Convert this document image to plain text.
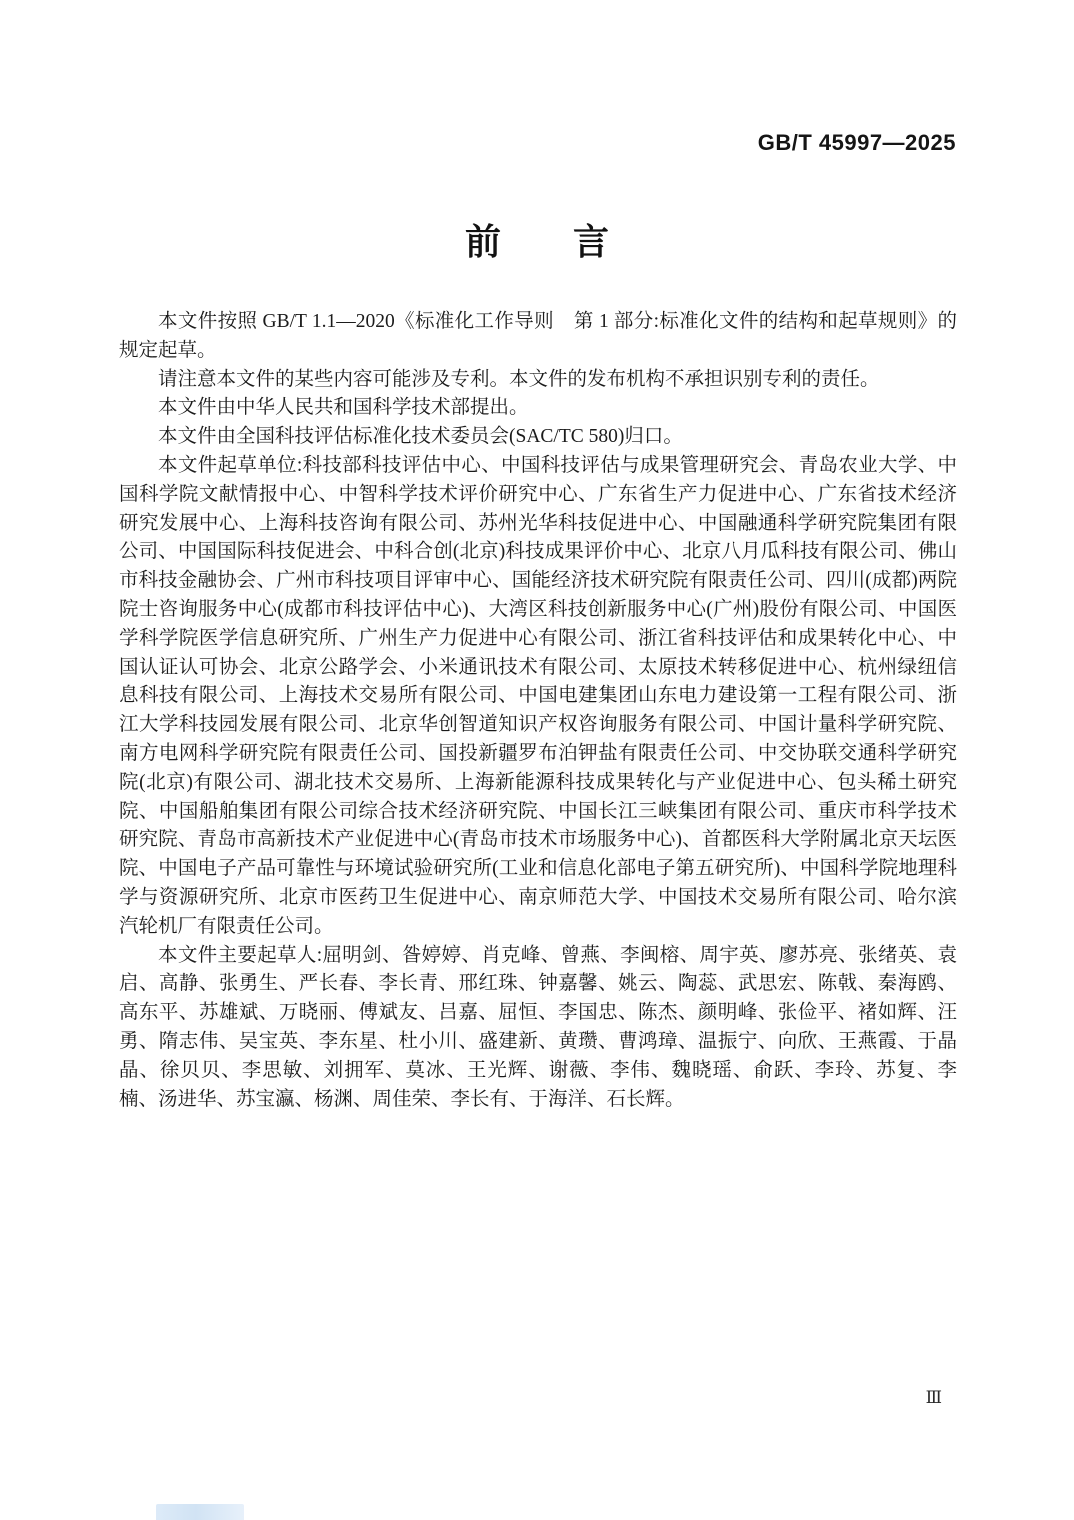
GB/T 45997—2025
前　　言

本文件按照 GB/T 1.1—2020《标准化工作导则　第 1 部分:标准化文件的结构和起草规则》的规定起草。

请注意本文件的某些内容可能涉及专利。本文件的发布机构不承担识别专利的责任。

本文件由中华人民共和国科学技术部提出。

本文件由全国科技评估标准化技术委员会(SAC/TC 580)归口。

本文件起草单位:科技部科技评估中心、中国科技评估与成果管理研究会、青岛农业大学、中国科学院文献情报中心、中智科学技术评价研究中心、广东省生产力促进中心、广东省技术经济研究发展中心、上海科技咨询有限公司、苏州光华科技促进中心、中国融通科学研究院集团有限公司、中国国际科技促进会、中科合创(北京)科技成果评价中心、北京八月瓜科技有限公司、佛山市科技金融协会、广州市科技项目评审中心、国能经济技术研究院有限责任公司、四川(成都)两院院士咨询服务中心(成都市科技评估中心)、大湾区科技创新服务中心(广州)股份有限公司、中国医学科学院医学信息研究所、广州生产力促进中心有限公司、浙江省科技评估和成果转化中心、中国认证认可协会、北京公路学会、小米通讯技术有限公司、太原技术转移促进中心、杭州绿纽信息科技有限公司、上海技术交易所有限公司、中国电建集团山东电力建设第一工程有限公司、浙江大学科技园发展有限公司、北京华创智道知识产权咨询服务有限公司、中国计量科学研究院、南方电网科学研究院有限责任公司、国投新疆罗布泊钾盐有限责任公司、中交协联交通科学研究院(北京)有限公司、湖北技术交易所、上海新能源科技成果转化与产业促进中心、包头稀土研究院、中国船舶集团有限公司综合技术经济研究院、中国长江三峡集团有限公司、重庆市科学技术研究院、青岛市高新技术产业促进中心(青岛市技术市场服务中心)、首都医科大学附属北京天坛医院、中国电子产品可靠性与环境试验研究所(工业和信息化部电子第五研究所)、中国科学院地理科学与资源研究所、北京市医药卫生促进中心、南京师范大学、中国技术交易所有限公司、哈尔滨汽轮机厂有限责任公司。

本文件主要起草人:屈明剑、昝婷婷、肖克峰、曾燕、李闽榕、周宇英、廖苏亮、张绪英、袁启、高静、张勇生、严长春、李长青、邢红珠、钟嘉馨、姚云、陶蕊、武思宏、陈戟、秦海鸥、高东平、苏雄斌、万晓丽、傅斌友、吕嘉、屈恒、李国忠、陈杰、颜明峰、张俭平、褚如辉、汪勇、隋志伟、吴宝英、李东星、杜小川、盛建新、黄瓒、曹鸿璋、温振宁、向欣、王燕霞、于晶晶、徐贝贝、李思敏、刘拥军、莫冰、王光辉、谢薇、李伟、魏晓瑶、俞跃、李玲、苏复、李楠、汤进华、苏宝瀛、杨渊、周佳荣、李长有、于海洋、石长辉。

Ⅲ
